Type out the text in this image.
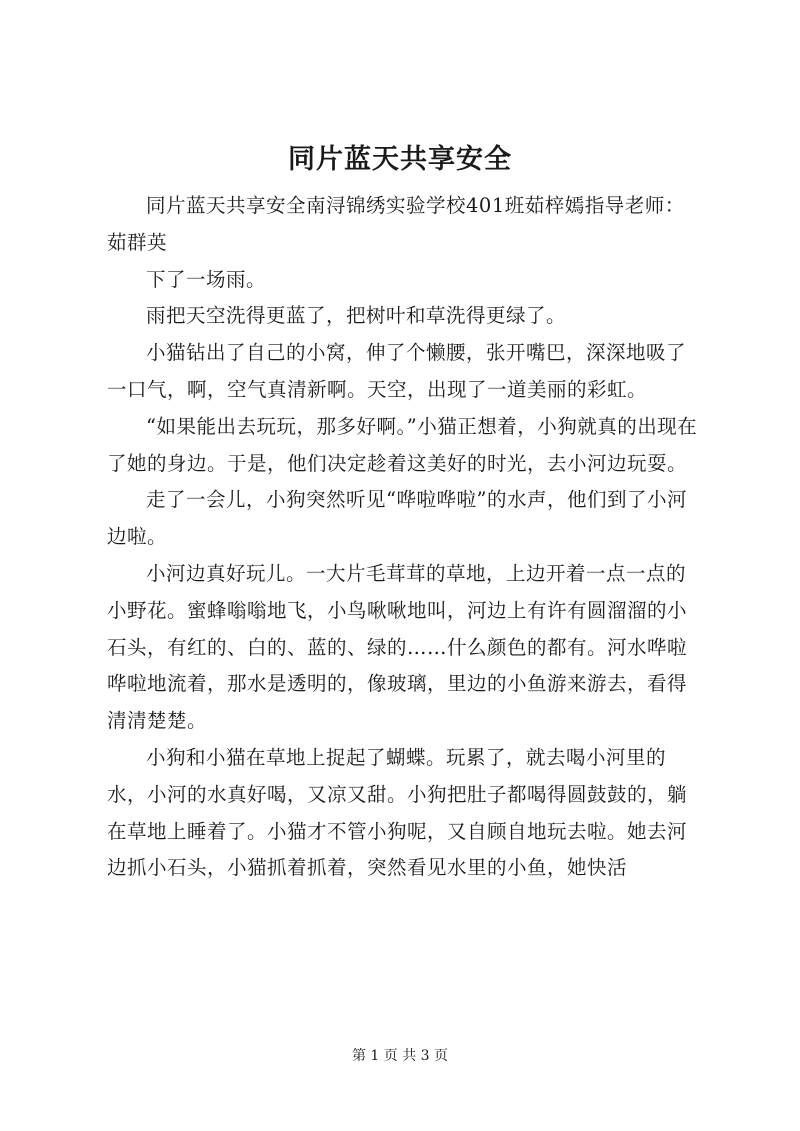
同片蓝天共享安全

同片蓝天共享安全南浔锦绣实验学校401班茹梓嫣指导老师：茹群英

下了一场雨。

雨把天空洗得更蓝了，把树叶和草洗得更绿了。

小猫钻出了自己的小窝，伸了个懒腰，张开嘴巴，深深地吸了一口气，啊，空气真清新啊。天空，出现了一道美丽的彩虹。

“如果能出去玩玩，那多好啊。”小猫正想着，小狗就真的出现在了她的身边。于是，他们决定趁着这美好的时光，去小河边玩耍。

走了一会儿，小狗突然听见“哗啦哗啦”的水声，他们到了小河边啦。

小河边真好玩儿。一大片毛茸茸的草地，上边开着一点一点的小野花。蜜蜂嗡嗡地飞，小鸟啾啾地叫，河边上有许有圆溜溜的小石头，有红的、白的、蓝的、绿的……什么颜色的都有。河水哗啦哗啦地流着，那水是透明的，像玻璃，里边的小鱼游来游去，看得清清楚楚。

小狗和小猫在草地上捉起了蝴蝶。玩累了，就去喝小河里的水，小河的水真好喝，又凉又甜。小狗把肚子都喝得圆鼓鼓的，躺在草地上睡着了。小猫才不管小狗呢，又自顾自地玩去啦。她去河边抓小石头，小猫抓着抓着，突然看见水里的小鱼，她快活

第 1 页 共 3 页
